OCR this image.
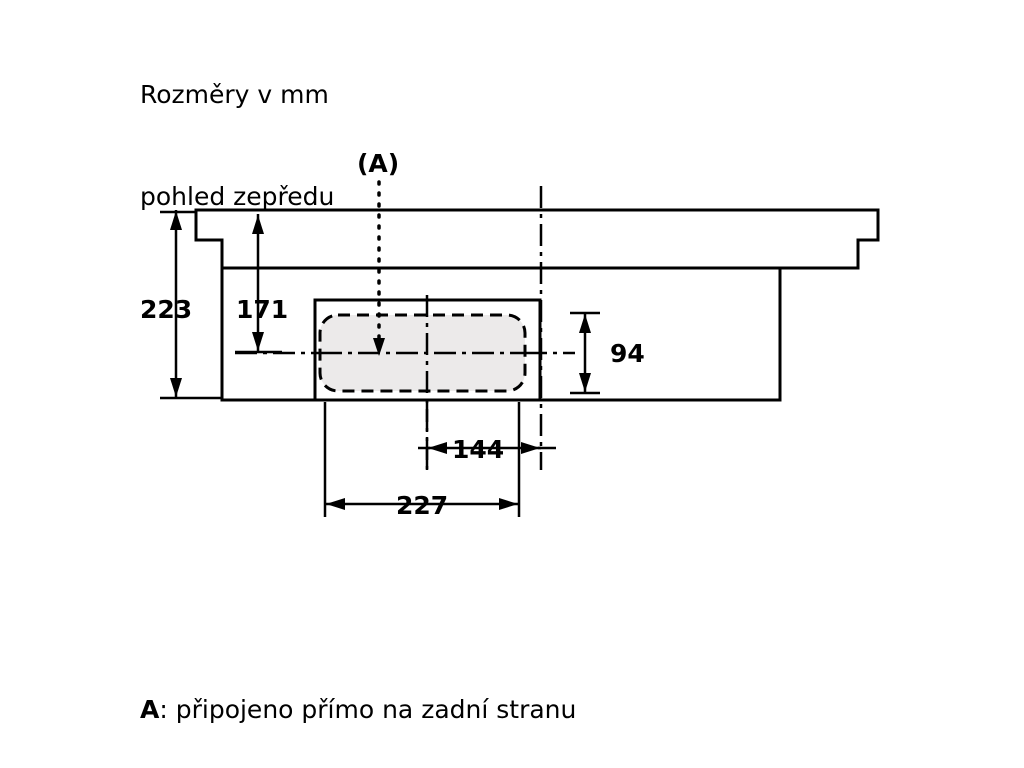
Rozměry v mm

pohled zepředu

(A)
223 171
94
144
227
A: připojeno přímo na zadní stranu
